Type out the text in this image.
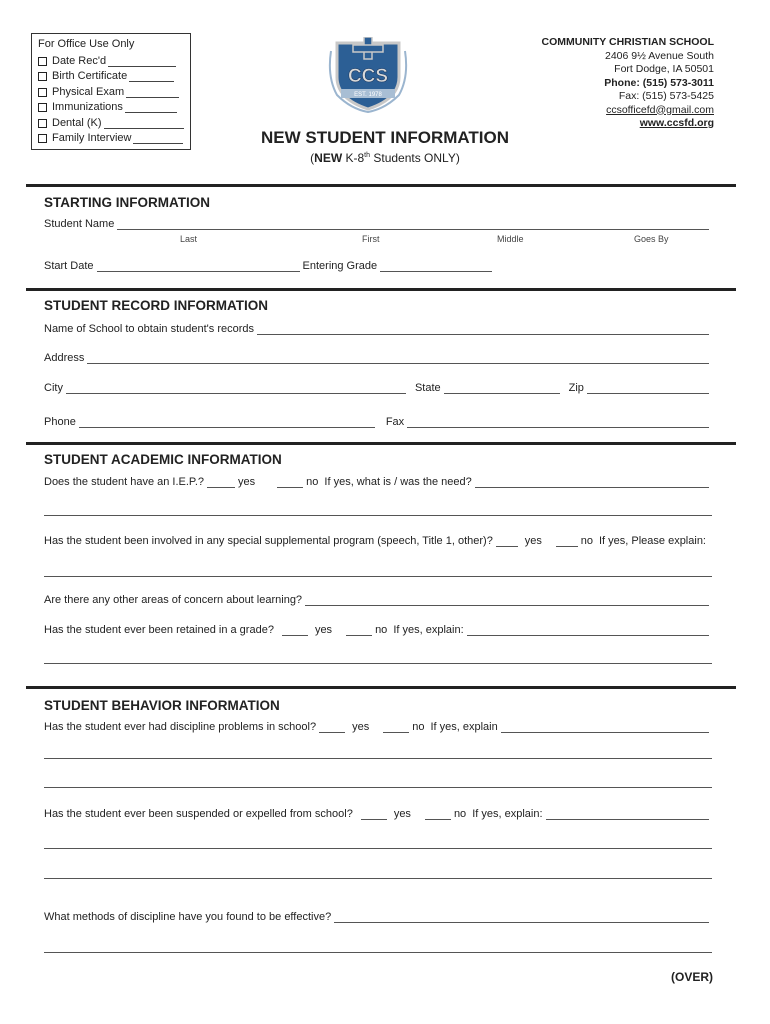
For Office Use Only
Date Rec'd
Birth Certificate
Physical Exam
Immunizations
Dental (K)
Family Interview
CCS
EST. 1978
COMMUNITY CHRISTIAN SCHOOL
2406 9½ Avenue South
Fort Dodge, IA 50501
Phone: (515) 573-3011
Fax: (515) 573-5425
ccsofficefd@gmail.com
www.ccsfd.org
NEW STUDENT INFORMATION
(NEW K-8th Students ONLY)
STARTING INFORMATION
Student Name
Last	First	Middle	Goes By
Start Date	Entering Grade
STUDENT RECORD INFORMATION
Name of School to obtain student's records
Address
City	State	Zip
Phone	Fax
STUDENT ACADEMIC INFORMATION
Does the student have an I.E.P.?	yes	no If yes, what is / was the need?
Has the student been involved in any special supplemental program (speech, Title 1, other)?	yes	no If yes, Please explain:
Are there any other areas of concern about learning?
Has the student ever been retained in a grade?	yes	no If yes, explain:
STUDENT BEHAVIOR INFORMATION
Has the student ever had discipline problems in school?	yes	no If yes, explain
Has the student ever been suspended or expelled from school?	yes	no If yes, explain:
What methods of discipline have you found to be effective?
(OVER)
